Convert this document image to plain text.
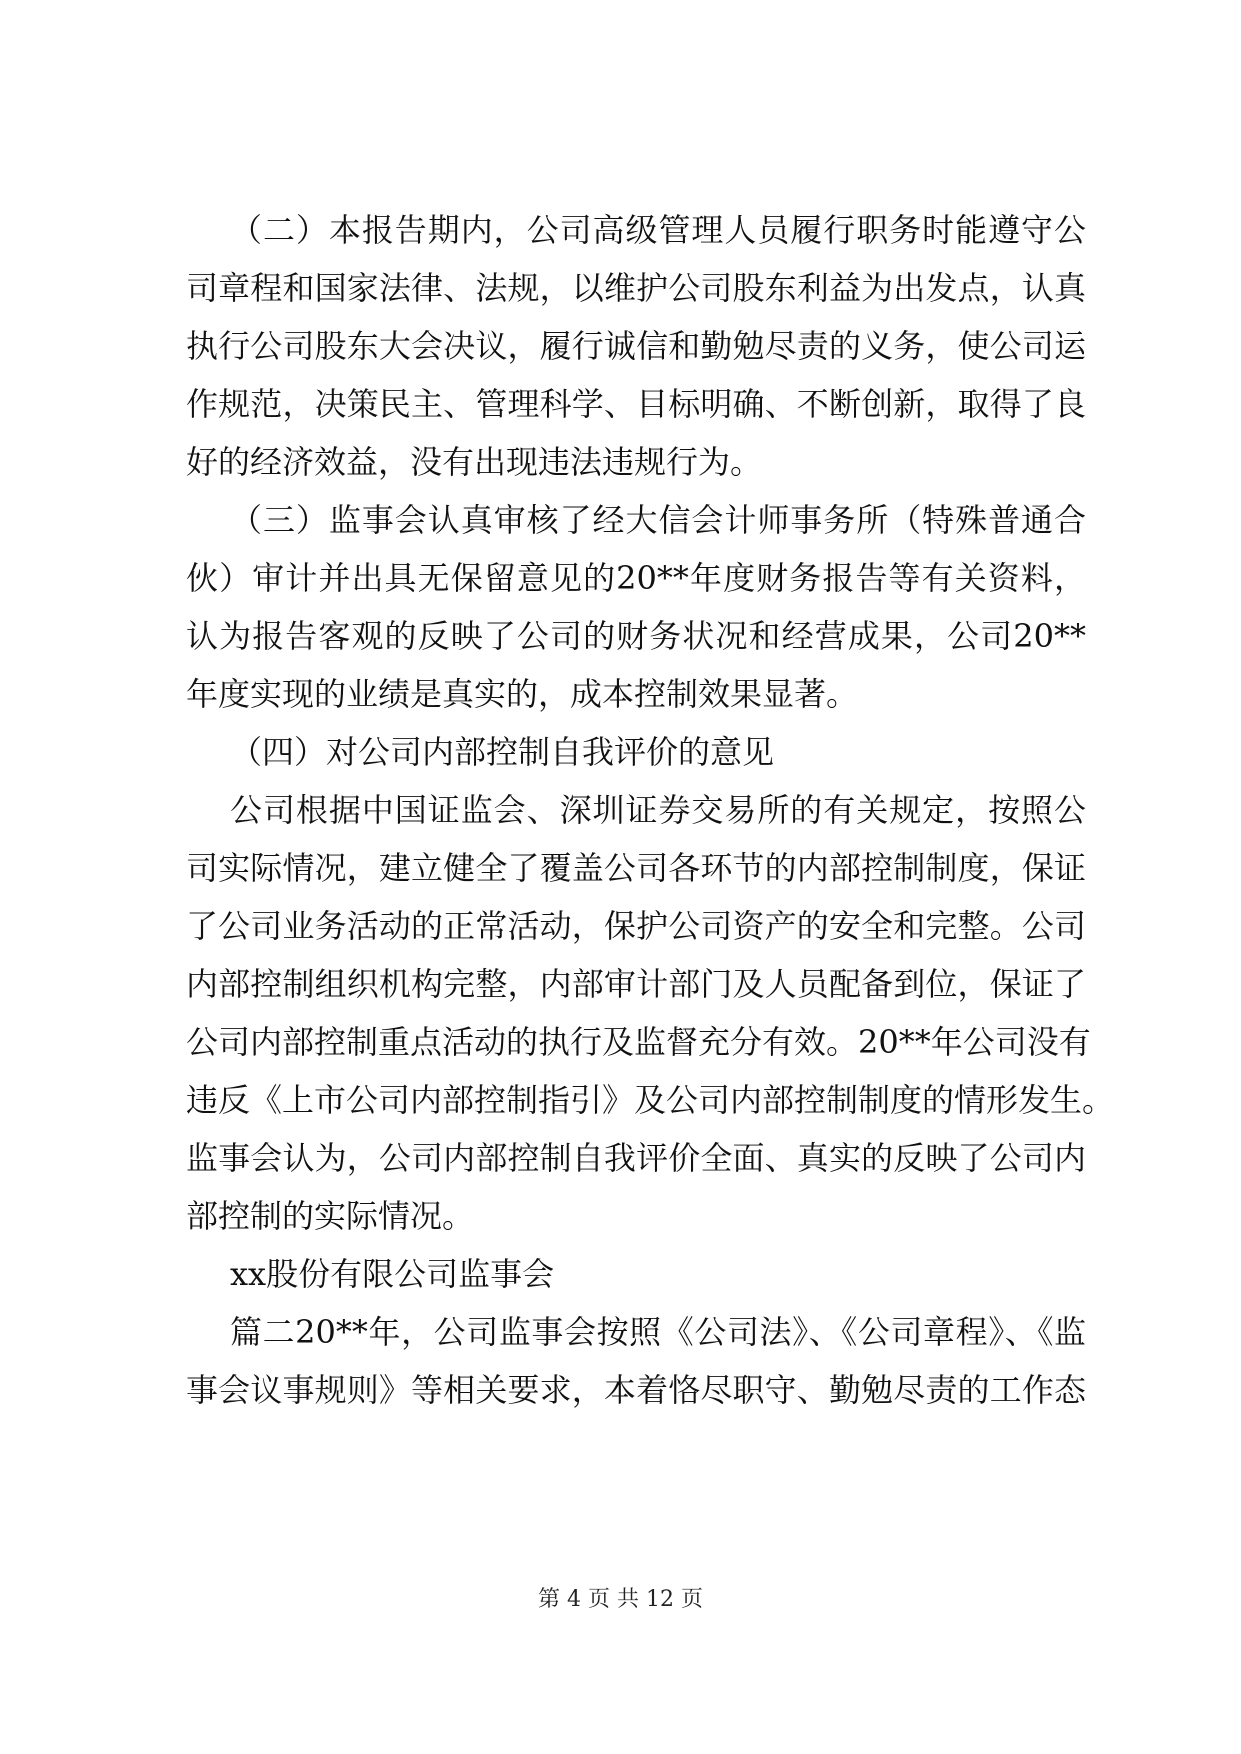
（二）本报告期内，公司高级管理人员履行职务时能遵守公
司章程和国家法律、法规，以维护公司股东利益为出发点，认真
执行公司股东大会决议，履行诚信和勤勉尽责的义务，使公司运
作规范，决策民主、管理科学、目标明确、不断创新，取得了良
好的经济效益，没有出现违法违规行为。
（三）监事会认真审核了经大信会计师事务所（特殊普通合
伙）审计并出具无保留意见的20**年度财务报告等有关资料，
认为报告客观的反映了公司的财务状况和经营成果，公司20**
年度实现的业绩是真实的，成本控制效果显著。
（四）对公司内部控制自我评价的意见
公司根据中国证监会、深圳证券交易所的有关规定，按照公
司实际情况，建立健全了覆盖公司各环节的内部控制制度，保证
了公司业务活动的正常活动，保护公司资产的安全和完整。公司
内部控制组织机构完整，内部审计部门及人员配备到位，保证了
公司内部控制重点活动的执行及监督充分有效。20**年公司没有
违反《上市公司内部控制指引》及公司内部控制制度的情形发生。
监事会认为，公司内部控制自我评价全面、真实的反映了公司内
部控制的实际情况。
xx股份有限公司监事会
篇二20**年，公司监事会按照《公司法》、《公司章程》、《监
事会议事规则》等相关要求，本着恪尽职守、勤勉尽责的工作态
第 4 页 共 12 页
